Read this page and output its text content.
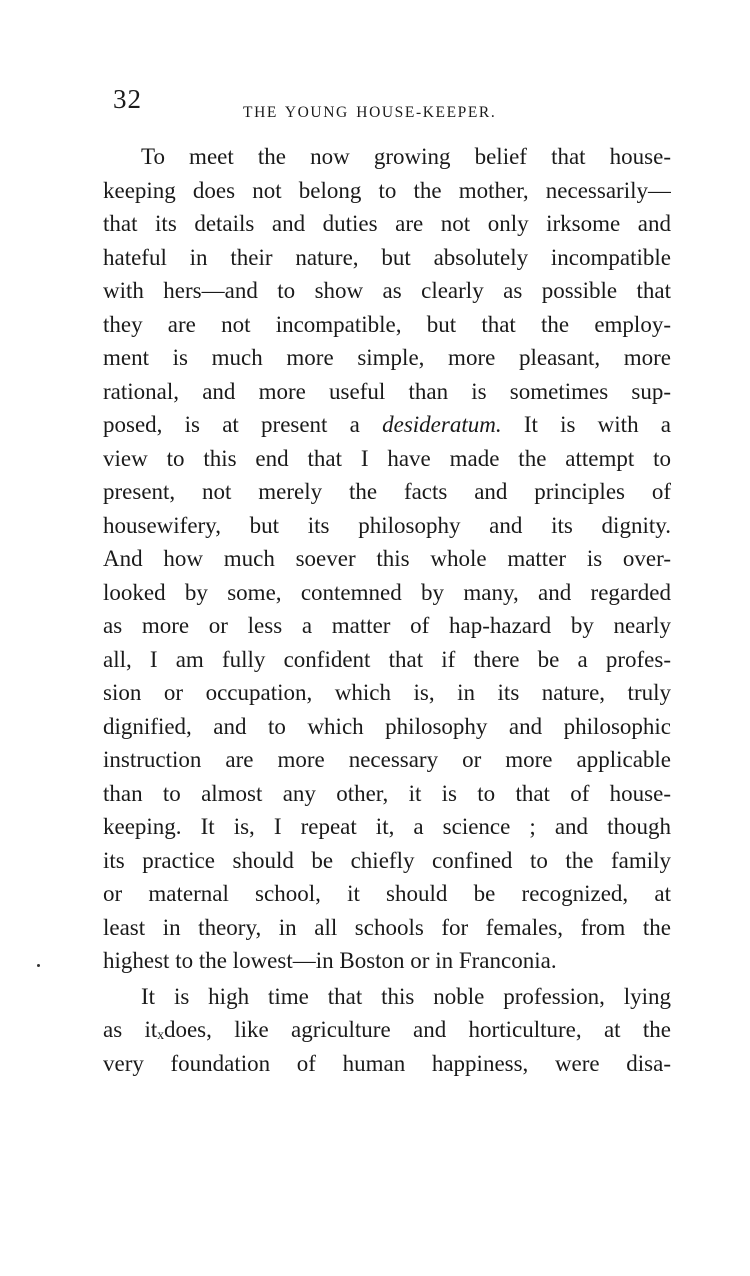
32	THE YOUNG HOUSE-KEEPER.
To meet the now growing belief that house-
keeping does not belong to the mother, necessarily—
that its details and duties are not only irksome and
hateful in their nature, but absolutely incompatible
with hers—and to show as clearly as possible that
they are not incompatible, but that the employ-
ment is much more simple, more pleasant, more
rational, and more useful than is sometimes sup-
posed, is at present a desideratum. It is with a
view to this end that I have made the attempt to
present, not merely the facts and principles of
housewifery, but its philosophy and its dignity.
And how much soever this whole matter is over-
looked by some, contemned by many, and regarded
as more or less a matter of hap-hazard by nearly
all, I am fully confident that if there be a profes-
sion or occupation, which is, in its nature, truly
dignified, and to which philosophy and philosophic
instruction are more necessary or more applicable
than to almost any other, it is to that of house-
keeping. It is, I repeat it, a science ; and though
its practice should be chiefly confined to the family
or maternal school, it should be recognized, at
least in theory, in all schools for females, from the
highest to the lowest—in Boston or in Franconia.
It is high time that this noble profession, lying
as itₓdoes, like agriculture and horticulture, at the
very foundation of human happiness, were disa-
